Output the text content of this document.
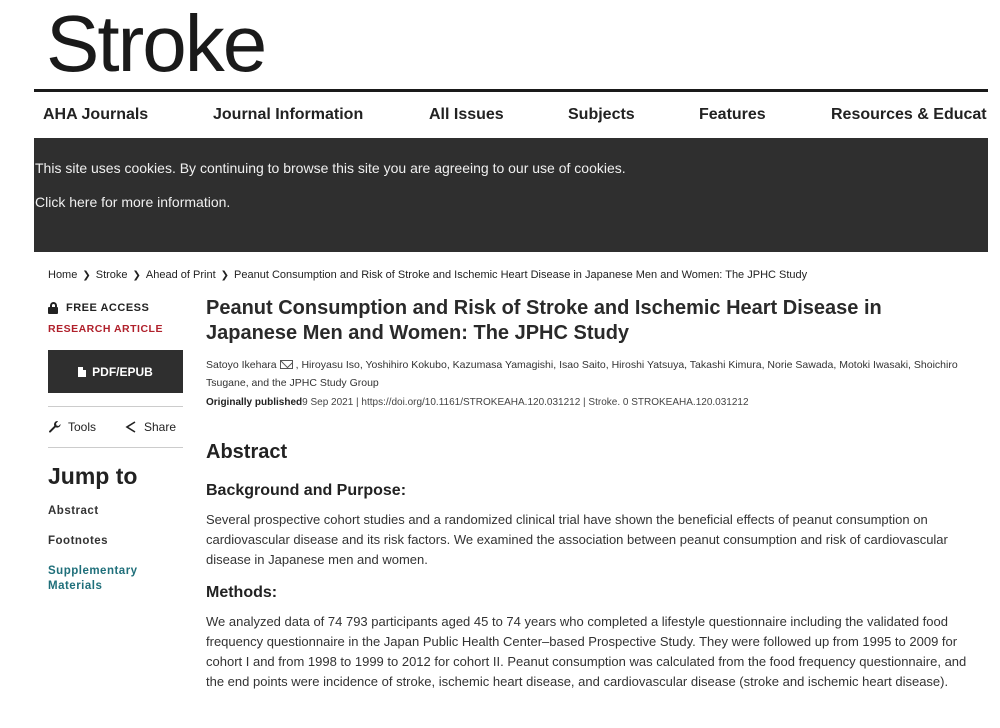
Stroke
AHA Journals	Journal Information	All Issues	Subjects	Features	Resources & Educat
This site uses cookies. By continuing to browse this site you are agreeing to our use of cookies.
Click here for more information.
Home ❯ Stroke ❯ Ahead of Print ❯ Peanut Consumption and Risk of Stroke and Ischemic Heart Disease in Japanese Men and Women: The JPHC Study
FREE ACCESS
RESEARCH ARTICLE
PDF/EPUB
Tools	Share
Jump to
Abstract
Footnotes
Supplementary
Materials
Peanut Consumption and Risk of Stroke and Ischemic Heart Disease in Japanese Men and Women: The JPHC Study
Satoyo Ikehara , Hiroyasu Iso, Yoshihiro Kokubo, Kazumasa Yamagishi, Isao Saito, Hiroshi Yatsuya, Takashi Kimura, Norie Sawada, Motoki Iwasaki, Shoichiro Tsugane, and the JPHC Study Group
Originally published9 Sep 2021 | https://doi.org/10.1161/STROKEAHA.120.031212 | Stroke. 0 STROKEAHA.120.031212
Abstract
Background and Purpose:
Several prospective cohort studies and a randomized clinical trial have shown the beneficial effects of peanut consumption on cardiovascular disease and its risk factors. We examined the association between peanut consumption and risk of cardiovascular disease in Japanese men and women.
Methods:
We analyzed data of 74 793 participants aged 45 to 74 years who completed a lifestyle questionnaire including the validated food frequency questionnaire in the Japan Public Health Center–based Prospective Study. They were followed up from 1995 to 2009 for cohort I and from 1998 to 1999 to 2012 for cohort II. Peanut consumption was calculated from the food frequency questionnaire, and the end points were incidence of stroke, ischemic heart disease, and cardiovascular disease (stroke and ischemic heart disease).
